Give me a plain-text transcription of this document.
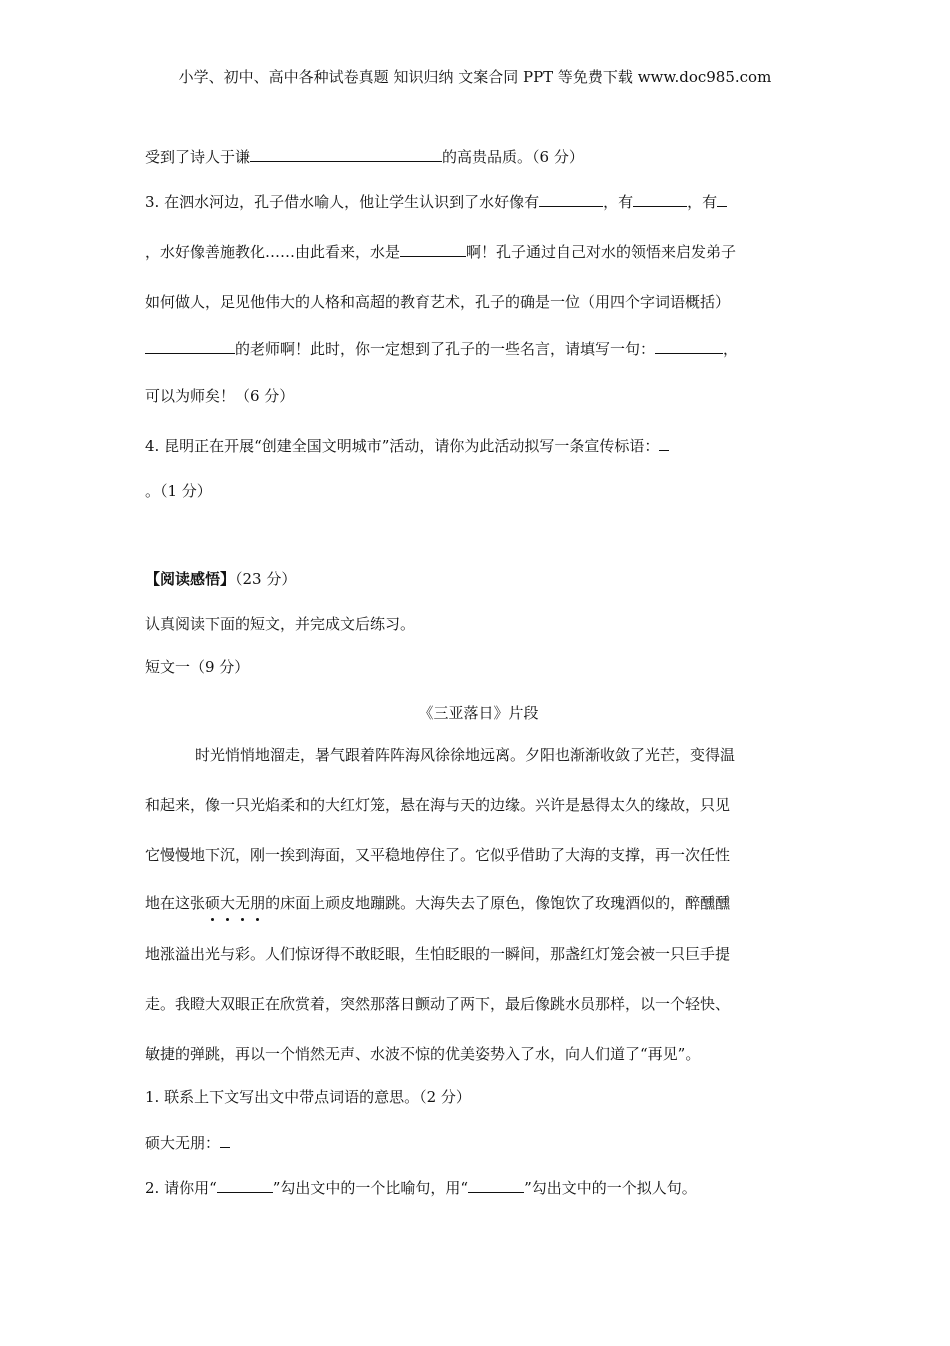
小学、初中、高中各种试卷真题 知识归纳 文案合同 PPT 等免费下载 www.doc985.com
受到了诗人于谦	的高贵品质。（6 分）
3. 在泗水河边，孔子借水喻人，他让学生认识到了水好像有	，有	，有
，水好像善施教化……由此看来，水是	啊！孔子通过自己对水的领悟来启发弟子
如何做人，足见他伟大的人格和高超的教育艺术，孔子的确是一位（用四个字词语概括）
的老师啊！此时，你一定想到了孔子的一些名言，请填写一句：	，
可以为师矣！（6 分）
4. 昆明正在开展“创建全国文明城市”活动，请你为此活动拟写一条宣传标语：
。（1 分）
【阅读感悟】（23 分）
认真阅读下面的短文，并完成文后练习。
短文一（9 分）
《三亚落日》片段
时光悄悄地溜走，暑气跟着阵阵海风徐徐地远离。夕阳也渐渐收敛了光芒，变得温
和起来，像一只光焰柔和的大红灯笼，悬在海与天的边缘。兴许是悬得太久的缘故，只见
它慢慢地下沉，刚一挨到海面，又平稳地停住了。它似乎借助了大海的支撑，再一次任性
地在这张硕大无朋的床面上顽皮地蹦跳。大海失去了原色，像饱饮了玫瑰酒似的，醉醺醺
地涨溢出光与彩。人们惊讶得不敢眨眼，生怕眨眼的一瞬间，那盏红灯笼会被一只巨手提
走。我瞪大双眼正在欣赏着，突然那落日颤动了两下，最后像跳水员那样，以一个轻快、
敏捷的弹跳，再以一个悄然无声、水波不惊的优美姿势入了水，向人们道了“再见”。
1. 联系上下文写出文中带点词语的意思。（2 分）
硕大无朋：
2. 请你用“	”勾出文中的一个比喻句，用“	”勾出文中的一个拟人句。
